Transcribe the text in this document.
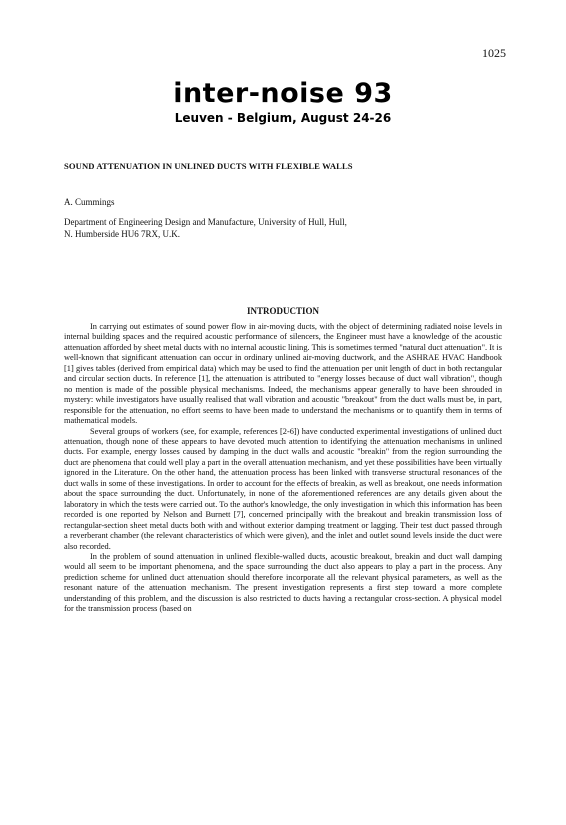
1025
inter-noise 93
Leuven - Belgium, August 24-26
SOUND ATTENUATION IN UNLINED DUCTS WITH FLEXIBLE WALLS
A. Cummings
Department of Engineering Design and Manufacture, University of Hull, Hull,
N. Humberside HU6 7RX, U.K.
INTRODUCTION

In carrying out estimates of sound power flow in air-moving ducts, with the object of determining radiated noise levels in internal building spaces and the required acoustic performance of silencers, the Engineer must have a knowledge of the acoustic attenuation afforded by sheet metal ducts with no internal acoustic lining. This is sometimes termed "natural duct attenuation". It is well-known that significant attenuation can occur in ordinary unlined air-moving ductwork, and the ASHRAE HVAC Handbook [1] gives tables (derived from empirical data) which may be used to find the attenuation per unit length of duct in both rectangular and circular section ducts. In reference [1], the attenuation is attributed to "energy losses because of duct wall vibration", though no mention is made of the possible physical mechanisms. Indeed, the mechanisms appear generally to have been shrouded in mystery: while investigators have usually realised that wall vibration and acoustic "breakout" from the duct walls must be, in part, responsible for the attenuation, no effort seems to have been made to understand the mechanisms or to quantify them in terms of mathematical models.

Several groups of workers (see, for example, references [2-6]) have conducted experimental investigations of unlined duct attenuation, though none of these appears to have devoted much attention to identifying the attenuation mechanisms in unlined ducts. For example, energy losses caused by damping in the duct walls and acoustic "breakin" from the region surrounding the duct are phenomena that could well play a part in the overall attenuation mechanism, and yet these possibilities have been virtually ignored in the Literature. On the other hand, the attenuation process has been linked with transverse structural resonances of the duct walls in some of these investigations. In order to account for the effects of breakin, as well as breakout, one needs information about the space surrounding the duct. Unfortunately, in none of the aforementioned references are any details given about the laboratory in which the tests were carried out. To the author's knowledge, the only investigation in which this information has been recorded is one reported by Nelson and Burnett [7], concerned principally with the breakout and breakin transmission loss of rectangular-section sheet metal ducts both with and without exterior damping treatment or lagging. Their test duct passed through a reverberant chamber (the relevant characteristics of which were given), and the inlet and outlet sound levels inside the duct were also recorded.

In the problem of sound attenuation in unlined flexible-walled ducts, acoustic breakout, breakin and duct wall damping would all seem to be important phenomena, and the space surrounding the duct also appears to play a part in the process. Any prediction scheme for unlined duct attenuation should therefore incorporate all the relevant physical parameters, as well as the resonant nature of the attenuation mechanism. The present investigation represents a first step toward a more complete understanding of this problem, and the discussion is also restricted to ducts having a rectangular cross-section. A physical model for the transmission process (based on
